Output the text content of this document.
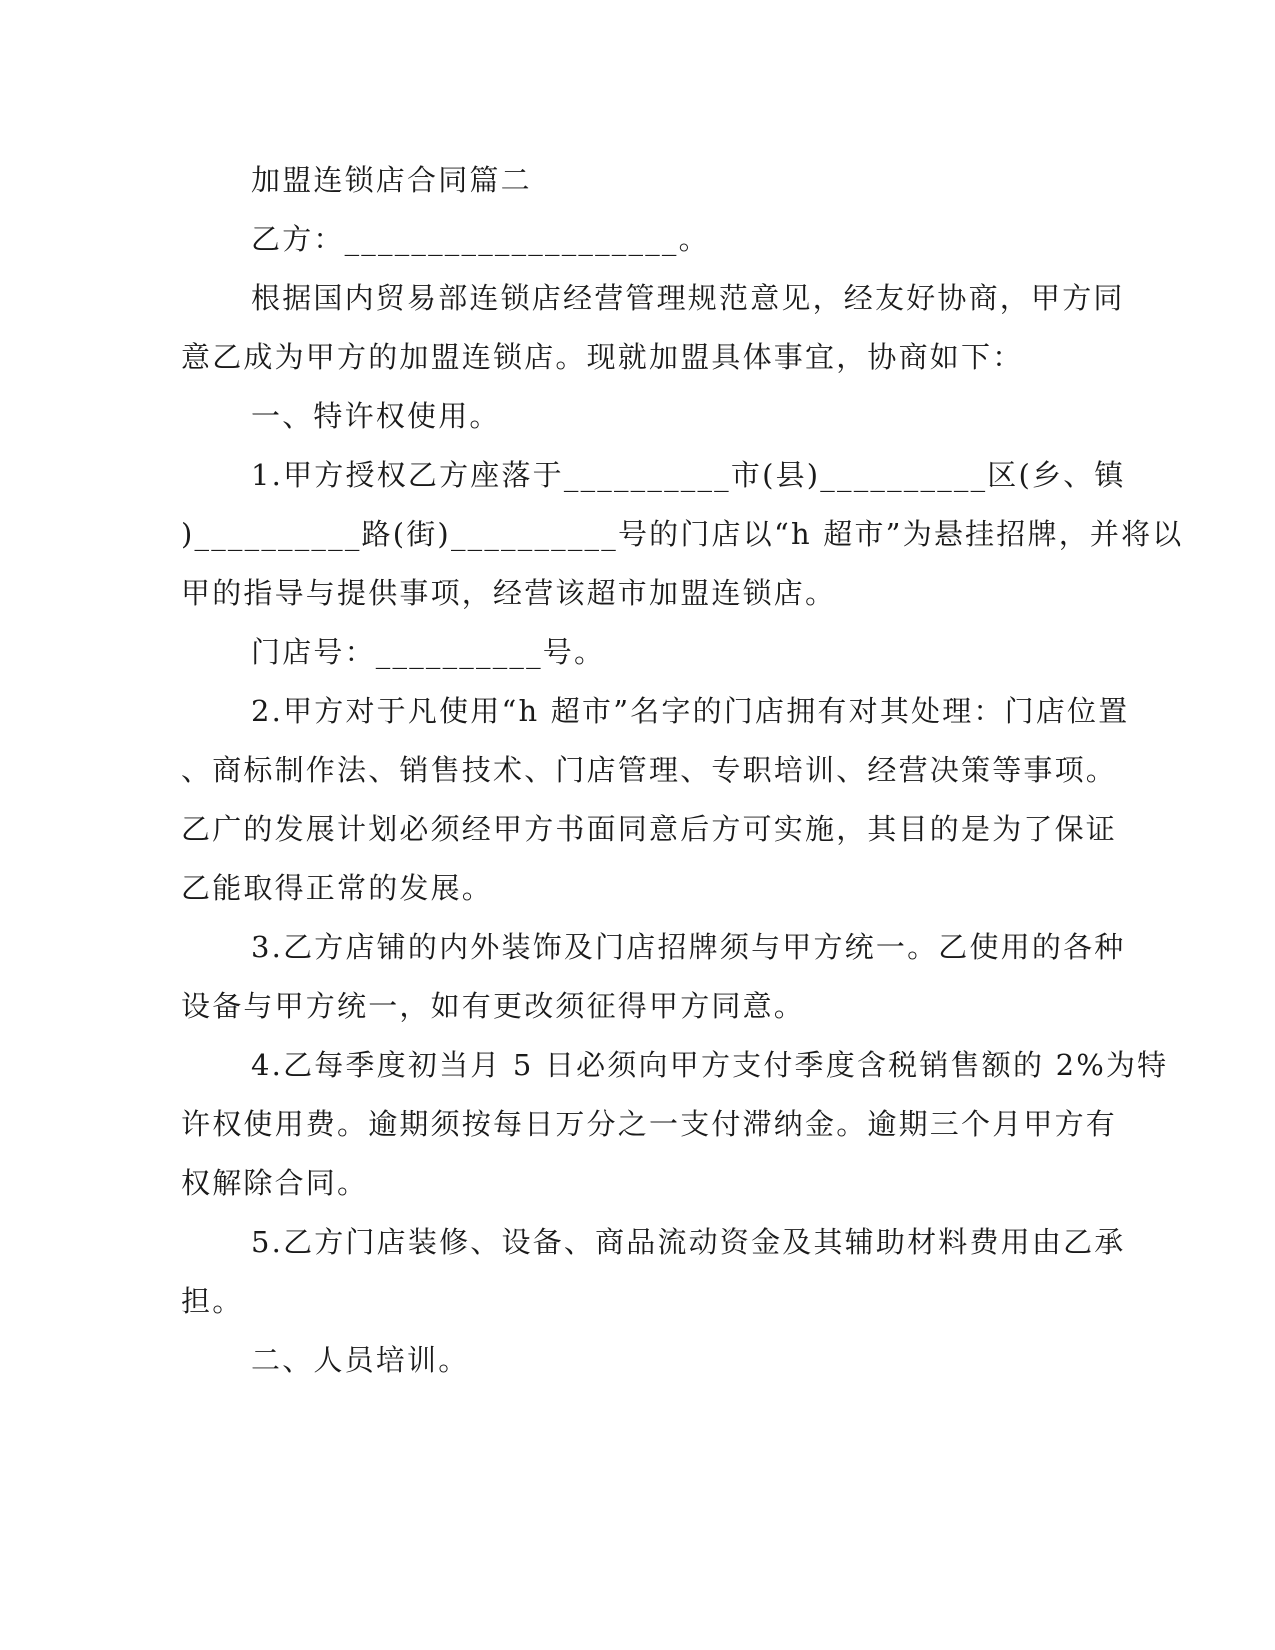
加盟连锁店合同篇二

乙方：____________________。

根据国内贸易部连锁店经营管理规范意见，经友好协商，甲方同

意乙成为甲方的加盟连锁店。现就加盟具体事宜，协商如下：

一、特许权使用。

1.甲方授权乙方座落于__________市(县)__________区(乡、镇

)__________路(街)__________号的门店以“h 超市”为悬挂招牌，并将以

甲的指导与提供事项，经营该超市加盟连锁店。

门店号：__________号。

2.甲方对于凡使用“h 超市”名字的门店拥有对其处理：门店位置

、商标制作法、销售技术、门店管理、专职培训、经营决策等事项。

乙广的发展计划必须经甲方书面同意后方可实施，其目的是为了保证

乙能取得正常的发展。

3.乙方店铺的内外装饰及门店招牌须与甲方统一。乙使用的各种

设备与甲方统一，如有更改须征得甲方同意。

4.乙每季度初当月 5 日必须向甲方支付季度含税销售额的 2%为特

许权使用费。逾期须按每日万分之一支付滞纳金。逾期三个月甲方有

权解除合同。

5.乙方门店装修、设备、商品流动资金及其辅助材料费用由乙承

担。

二、人员培训。
